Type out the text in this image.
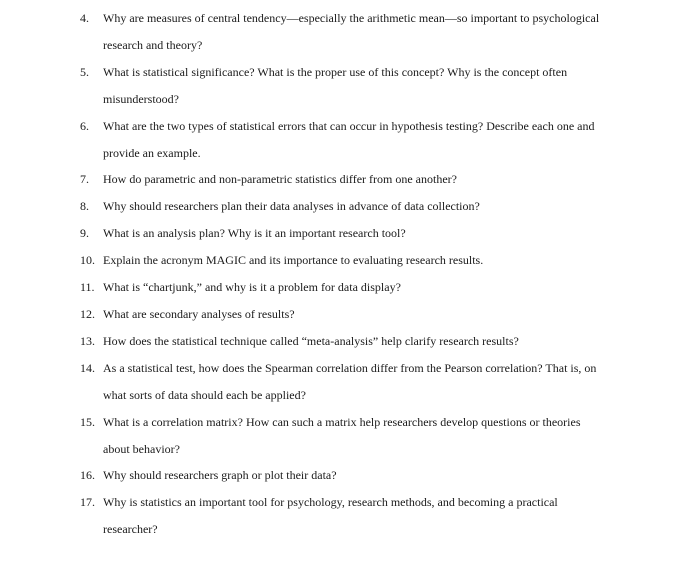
4.	Why are measures of central tendency—especially the arithmetic mean—so important to psychological research and theory?
5.	What is statistical significance? What is the proper use of this concept? Why is the concept often misunderstood?
6.	What are the two types of statistical errors that can occur in hypothesis testing? Describe each one and provide an example.
7.	How do parametric and non-parametric statistics differ from one another?
8.	Why should researchers plan their data analyses in advance of data collection?
9.	What is an analysis plan? Why is it an important research tool?
10. Explain the acronym MAGIC and its importance to evaluating research results.
11. What is “chartjunk,” and why is it a problem for data display?
12. What are secondary analyses of results?
13. How does the statistical technique called “meta-analysis” help clarify research results?
14. As a statistical test, how does the Spearman correlation differ from the Pearson correlation? That is, on what sorts of data should each be applied?
15. What is a correlation matrix? How can such a matrix help researchers develop questions or theories about behavior?
16. Why should researchers graph or plot their data?
17. Why is statistics an important tool for psychology, research methods, and becoming a practical researcher?
